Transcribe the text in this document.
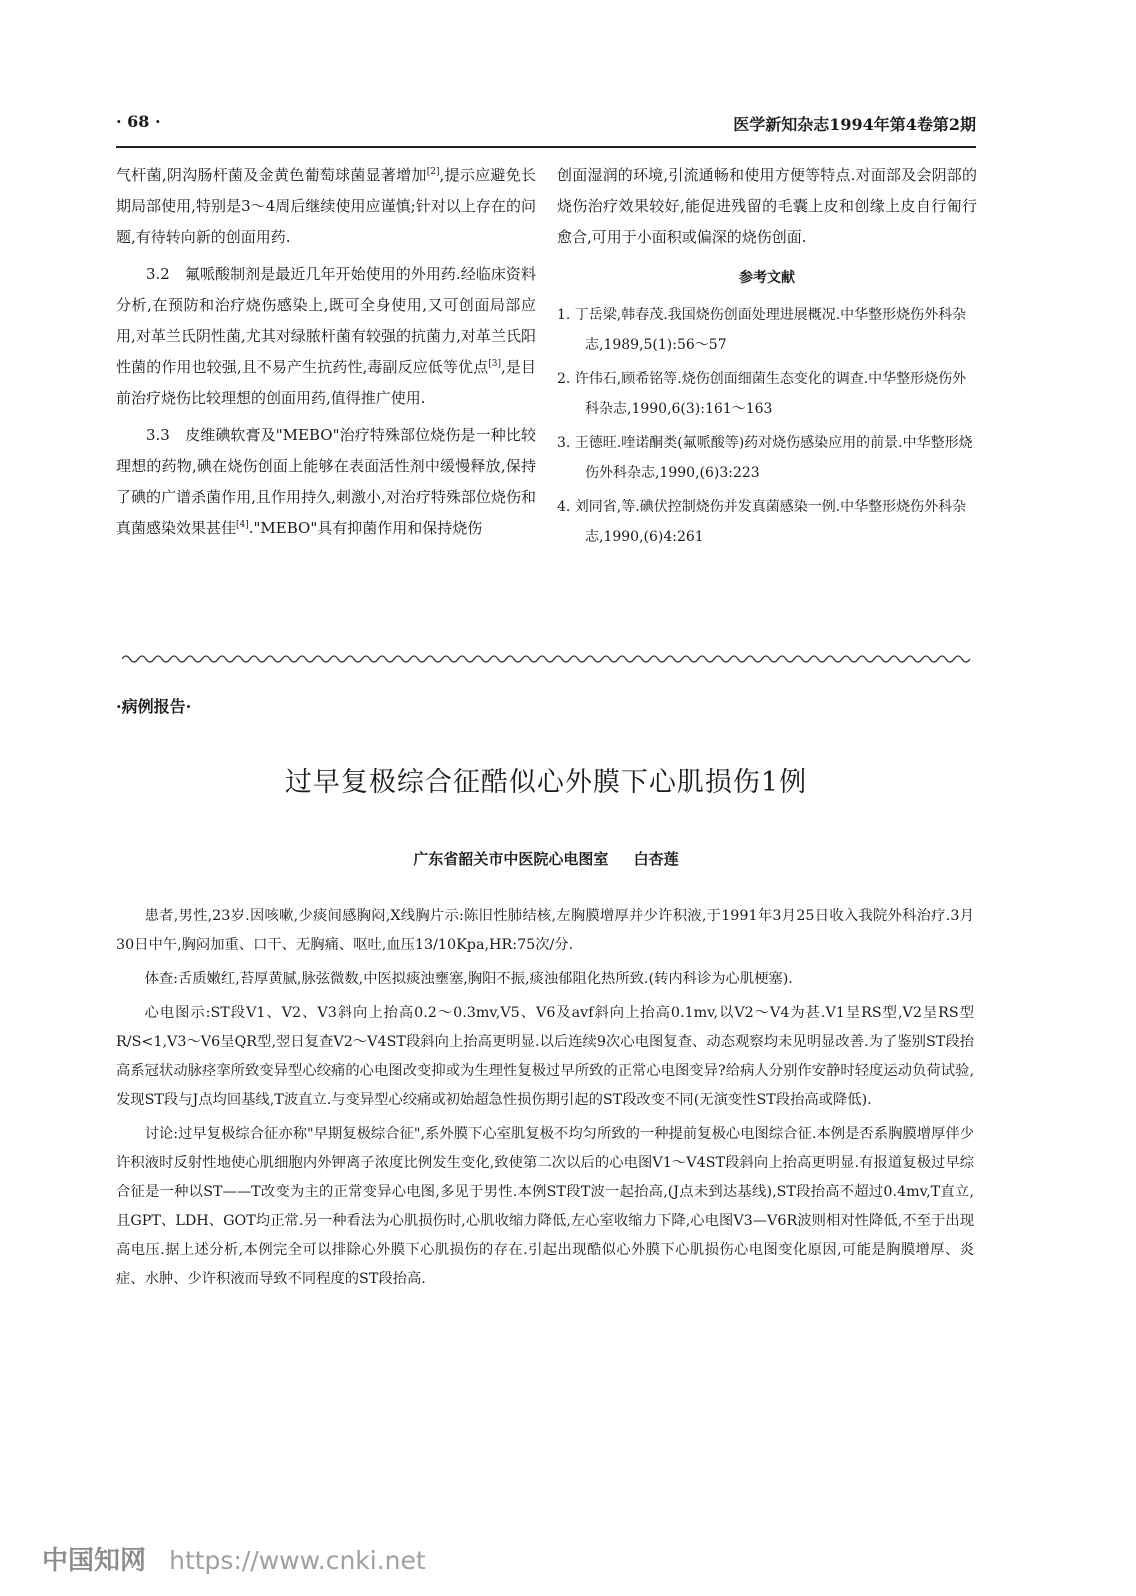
· 68 ·	医学新知杂志1994年第4卷第2期

气杆菌,阴沟肠杆菌及金黄色葡萄球菌显著增加[2],提示应避免长期局部使用,特别是3～4周后继续使用应谨慎;针对以上存在的问题,有待转向新的创面用药.

3.2　氟哌酸制剂是最近几年开始使用的外用药.经临床资料分析,在预防和治疗烧伤感染上,既可全身使用,又可创面局部应用,对革兰氏阴性菌,尤其对绿脓杆菌有较强的抗菌力,对革兰氏阳性菌的作用也较强,且不易产生抗药性,毒副反应低等优点[3],是目前治疗烧伤比较理想的创面用药,值得推广使用.

3.3　皮维碘软膏及"MEBO"治疗特殊部位烧伤是一种比较理想的药物,碘在烧伤创面上能够在表面活性剂中缓慢释放,保持了碘的广谱杀菌作用,且作用持久,刺激小,对治疗特殊部位烧伤和真菌感染效果甚佳[4]."MEBO"具有抑菌作用和保持烧伤

创面湿润的环境,引流通畅和使用方便等特点.对面部及会阴部的烧伤治疗效果较好,能促进残留的毛囊上皮和创缘上皮自行匍行愈合,可用于小面积或偏深的烧伤创面.

参考文献
1. 丁岳梁,韩春茂.我国烧伤创面处理进展概况.中华整形烧伤外科杂志,1989,5(1):56～57
2. 许伟石,顾希铭等.烧伤创面细菌生态变化的调查.中华整形烧伤外科杂志,1990,6(3):161～163
3. 王德旺.喹诺酮类(氟哌酸等)药对烧伤感染应用的前景.中华整形烧伤外科杂志,1990,(6)3:223
4. 刘同省,等.碘伏控制烧伤并发真菌感染一例.中华整形烧伤外科杂志,1990,(6)4:261
·病例报告·
过早复极综合征酷似心外膜下心肌损伤1例
广东省韶关市中医院心电图室 白杏莲

患者,男性,23岁.因咳嗽,少痰间感胸闷,X线胸片示:陈旧性肺结核,左胸膜增厚并少许积液,于1991年3月25日收入我院外科治疗.3月30日中午,胸闷加重、口干、无胸痛、呕吐,血压13/10Kpa,HR:75次/分.

体查:舌质嫩红,苔厚黄腻,脉弦微数,中医拟痰浊壅塞,胸阳不振,痰浊郁阻化热所致.(转内科诊为心肌梗塞).

心电图示:ST段V1、V2、V3斜向上抬高0.2～0.3mv,V5、V6及avf斜向上抬高0.1mv,以V2～V4为甚.V1呈RS型,V2呈RS型R/S<1,V3～V6呈QR型,翌日复查V2～V4ST段斜向上抬高更明显.以后连续9次心电图复查、动态观察均未见明显改善.为了鉴别ST段抬高系冠状动脉痉挛所致变异型心绞痛的心电图改变抑或为生理性复极过早所致的正常心电图变异?给病人分别作安静时轻度运动负荷试验,发现ST段与J点均回基线,T波直立.与变异型心绞痛或初始超急性损伤期引起的ST段改变不同(无演变性ST段抬高或降低).

讨论:过早复极综合征亦称"早期复极综合征",系外膜下心室肌复极不均匀所致的一种提前复极心电图综合征.本例是否系胸膜增厚伴少许积液时反射性地使心肌细胞内外钾离子浓度比例发生变化,致使第二次以后的心电图V1～V4ST段斜向上抬高更明显.有报道复极过早综合征是一种以ST——T改变为主的正常变异心电图,多见于男性.本例ST段T波一起抬高,(J点未到达基线),ST段抬高不超过0.4mv,T直立,且GPT、LDH、GOT均正常.另一种看法为心肌损伤时,心肌收缩力降低,左心室收缩力下降,心电图V3—V6R波则相对性降低,不至于出现高电压.据上述分析,本例完全可以排除心外膜下心肌损伤的存在.引起出现酷似心外膜下心肌损伤心电图变化原因,可能是胸膜增厚、炎症、水肿、少许积液而导致不同程度的ST段抬高.

中国知网 https://www.cnki.net
